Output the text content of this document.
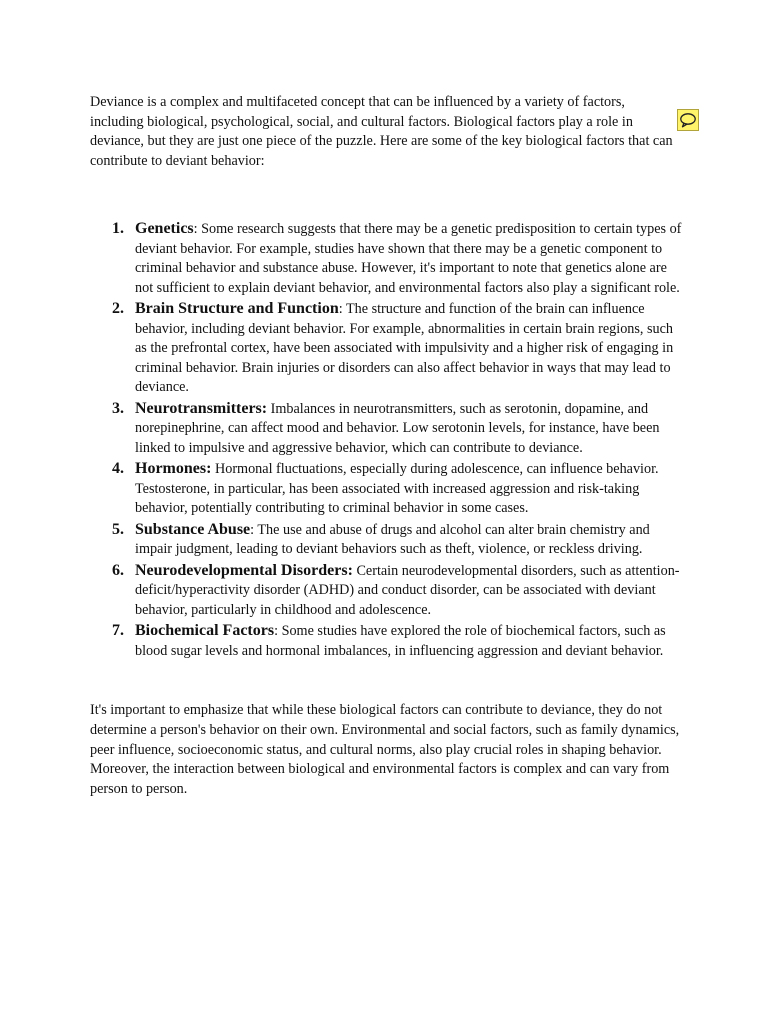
Deviance is a complex and multifaceted concept that can be influenced by a variety of factors, including biological, psychological, social, and cultural factors. Biological factors play a role in deviance, but they are just one piece of the puzzle. Here are some of the key biological factors that can contribute to deviant behavior:

1. Genetics: Some research suggests that there may be a genetic predisposition to certain types of deviant behavior. For example, studies have shown that there may be a genetic component to criminal behavior and substance abuse. However, it's important to note that genetics alone are not sufficient to explain deviant behavior, and environmental factors also play a significant role.
2. Brain Structure and Function: The structure and function of the brain can influence behavior, including deviant behavior. For example, abnormalities in certain brain regions, such as the prefrontal cortex, have been associated with impulsivity and a higher risk of engaging in criminal behavior. Brain injuries or disorders can also affect behavior in ways that may lead to deviance.
3. Neurotransmitters: Imbalances in neurotransmitters, such as serotonin, dopamine, and norepinephrine, can affect mood and behavior. Low serotonin levels, for instance, have been linked to impulsive and aggressive behavior, which can contribute to deviance.
4. Hormones: Hormonal fluctuations, especially during adolescence, can influence behavior. Testosterone, in particular, has been associated with increased aggression and risk-taking behavior, potentially contributing to criminal behavior in some cases.
5. Substance Abuse: The use and abuse of drugs and alcohol can alter brain chemistry and impair judgment, leading to deviant behaviors such as theft, violence, or reckless driving.
6. Neurodevelopmental Disorders: Certain neurodevelopmental disorders, such as attention-deficit/hyperactivity disorder (ADHD) and conduct disorder, can be associated with deviant behavior, particularly in childhood and adolescence.
7. Biochemical Factors: Some studies have explored the role of biochemical factors, such as blood sugar levels and hormonal imbalances, in influencing aggression and deviant behavior.

It's important to emphasize that while these biological factors can contribute to deviance, they do not determine a person's behavior on their own. Environmental and social factors, such as family dynamics, peer influence, socioeconomic status, and cultural norms, also play crucial roles in shaping behavior. Moreover, the interaction between biological and environmental factors is complex and can vary from person to person.
